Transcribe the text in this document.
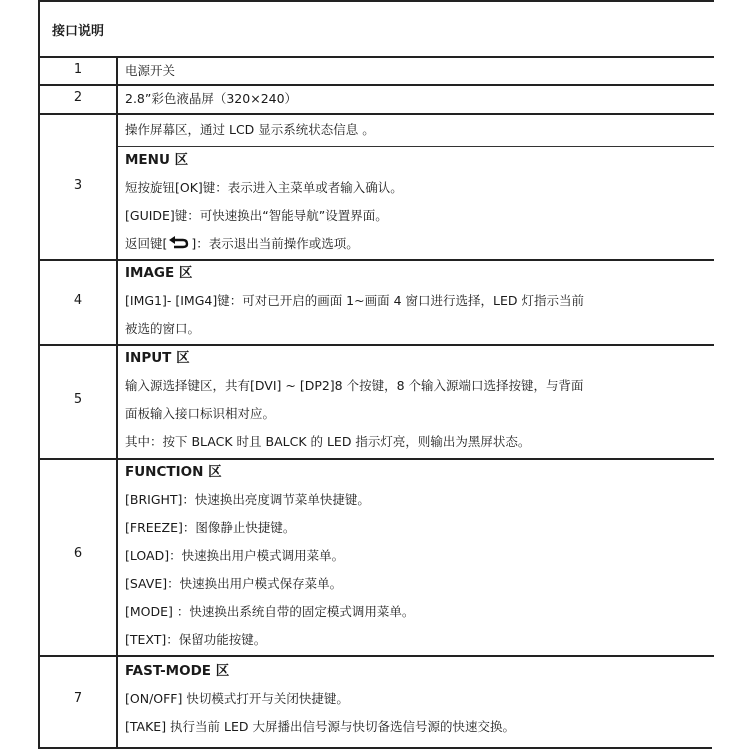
接口说明
1	电源开关
2	2.8”彩色液晶屏（320×240）
3
操作屏幕区，通过 LCD 显示系统状态信息 。
MENU 区
短按旋钮[OK]键：表示进入主菜单或者输入确认。
[GUIDE]键：可快速换出“智能导航”设置界面。
返回键[ ]：表示退出当前操作或选项。
4
IMAGE 区
[IMG1]- [IMG4]键：可对已开启的画面 1~画面 4 窗口进行选择，LED 灯指示当前
被选的窗口。
5
INPUT 区
输入源选择键区，共有[DVI] ~ [DP2]8 个按键，8 个输入源端口选择按键，与背面
面板输入接口标识相对应。
其中：按下 BLACK 时且 BALCK 的 LED 指示灯亮，则输出为黑屏状态。
6
FUNCTION 区
[BRIGHT]：快速换出亮度调节菜单快捷键。
[FREEZE]：图像静止快捷键。
[LOAD]：快速换出用户模式调用菜单。
[SAVE]：快速换出用户模式保存菜单。
[MODE] ：快速换出系统自带的固定模式调用菜单。
[TEXT]：保留功能按键。
7
FAST-MODE 区
[ON/OFF] 快切模式打开与关闭快捷键。
[TAKE] 执行当前 LED 大屏播出信号源与快切备选信号源的快速交换。
